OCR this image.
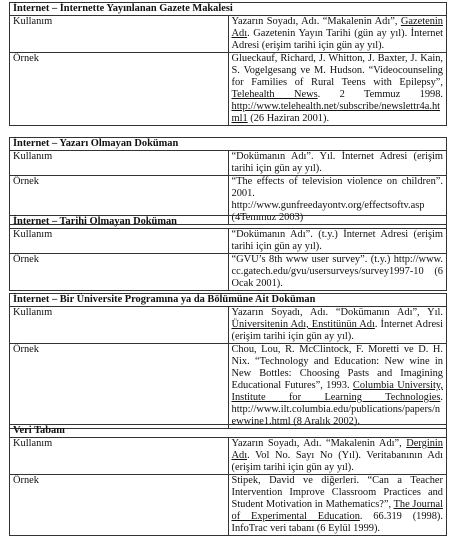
İnternet – İnternette Yayınlanan Gazete Makalesi	
Kullanım	Yazarın Soyadı, Adı. “Makalenin Adı”, Gazetenin Adı. Gazetenin Yayın Tarihi (gün ay yıl). İnternet Adresi (erişim tarihi için gün ay yıl).
Örnek	Glueckauf, Richard, J. Whitton, J. Baxter, J. Kain, S. Vogelgesang ve M. Hudson. “Videocounseling for Families of Rural Teens with Epilepsy”, Telehealth News. 2 Temmuz 1998. http://www.telehealth.net/subscribe/newslettr4a.html1 (26 Haziran 2001).
İnternet – Yazarı Olmayan Doküman	
Kullanım	“Dokümanın Adı”. Yıl. İnternet Adresi (erişim tarihi için gün ay yıl).
Örnek	“The effects of television violence on children”. 2001. http://www.gunfreedayontv.org/effectsoftv.asp (4Temmuz 2003)
İnternet – Tarihi Olmayan Doküman	
Kullanım	“Dokümanın Adı”. (t.y.) İnternet Adresi (erişim tarihi için gün ay yıl).
Örnek	“GVU’s 8th www user survey”. (t.y.) http://www. cc.gatech.edu/gvu/usersurveys/survey1997-10 (6 Ocak 2001).
İnternet – Bir Üniversite Programına ya da Bölümüne Ait Doküman	
Kullanım	Yazarın Soyadı, Adı. “Dokümanın Adı”, Yıl. Üniversitenin Adı, Enstitünün Adı. İnternet Adresi (erişim tarihi için gün ay yıl).
Örnek	Chou, Lou, R. McClintock, F. Moretti ve D. H. Nix. “Technology and Education: New wine in New Bottles: Choosing Pasts and Imagining Educational Futures”, 1993. Columbia University, Institute for Learning Technologies. http://www.ilt.columbia.edu/publications/papers/newwine1.html (8 Aralık 2002).
Veri Tabanı	
Kullanım	Yazarın Soyadı, Adı. “Makalenin Adı”, Derginin Adı. Vol No. Sayı No (Yıl). Veritabanının Adı (erişim tarihi için gün ay yıl).
Örnek	Stipek, David ve diğerleri. “Can a Teacher Intervention Improve Classroom Practices and Student Motivation in Mathematics?”, The Journal of Experimental Education. 66.319 (1998). InfoTrac veri tabanı (6 Eylül 1999).
